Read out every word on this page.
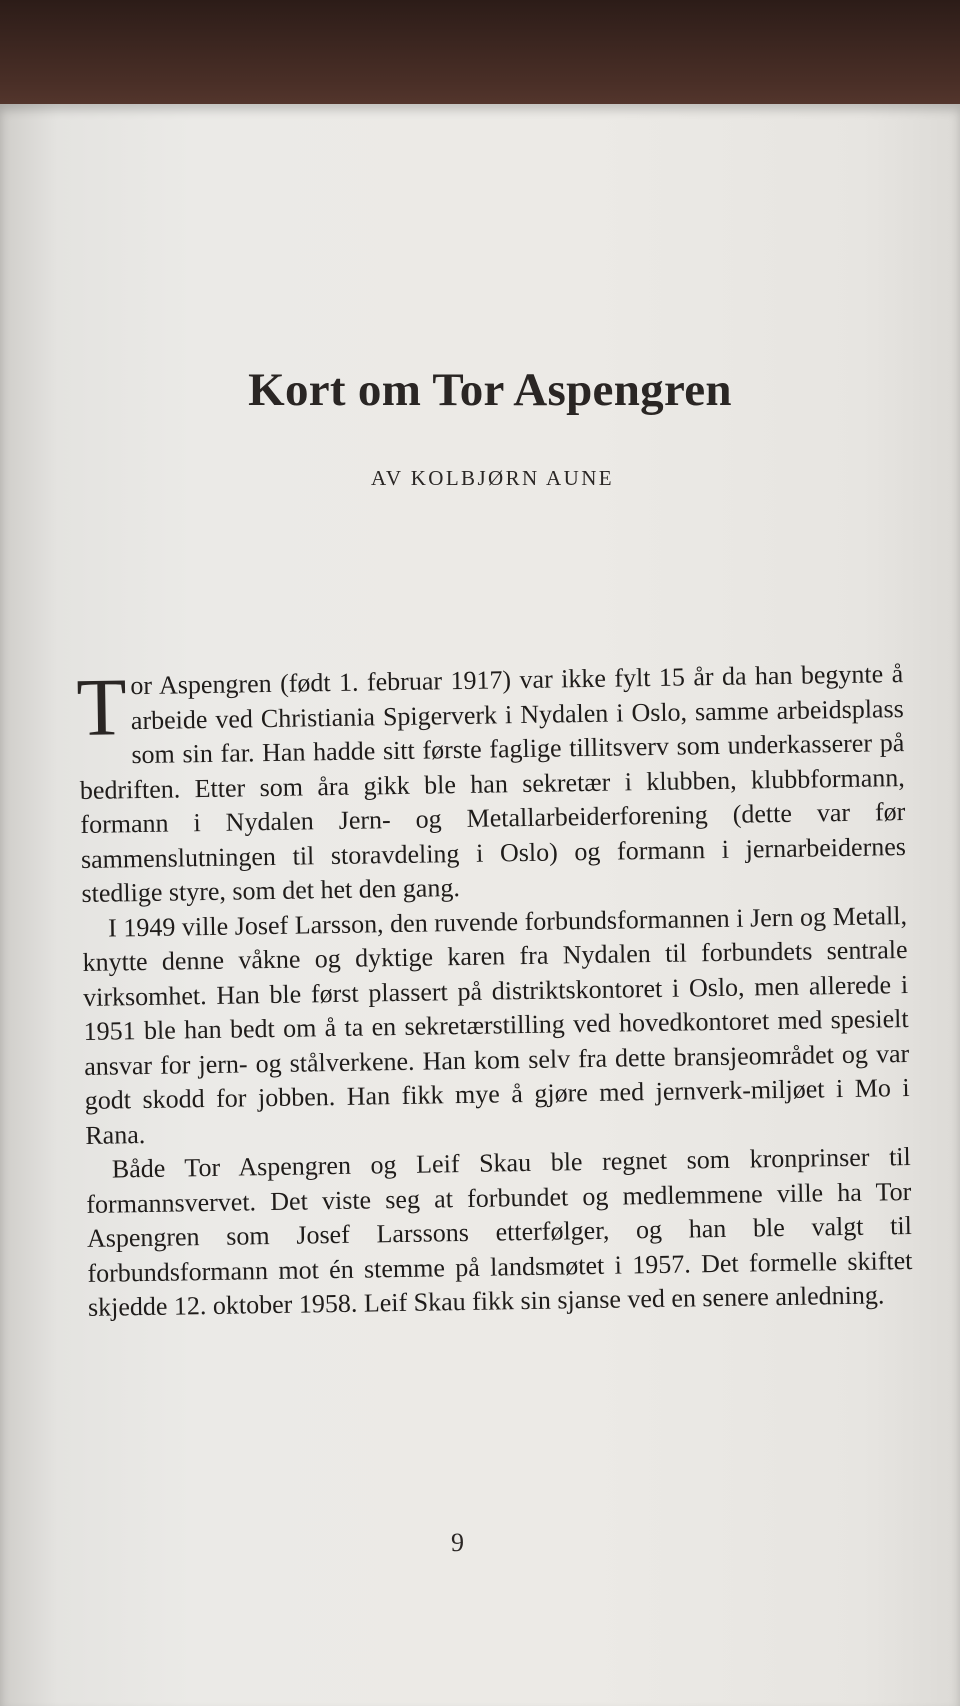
Kort om Tor Aspengren
AV KOLBJØRN AUNE

Tor Aspengren (født 1. februar 1917) var ikke fylt 15 år da han begynte å arbeide ved Christiania Spigerverk i Nydalen i Oslo, samme arbeidsplass som sin far. Han hadde sitt første faglige tillitsverv som underkasserer på bedriften. Etter som åra gikk ble han sekretær i klubben, klubbformann, formann i Nydalen Jern- og Metallarbeiderforening (dette var før sammenslutningen til storavdeling i Oslo) og formann i jernarbeidernes stedlige styre, som det het den gang.

I 1949 ville Josef Larsson, den ruvende forbundsformannen i Jern og Metall, knytte denne våkne og dyktige karen fra Nydalen til forbundets sentrale virksomhet. Han ble først plassert på distriktskontoret i Oslo, men allerede i 1951 ble han bedt om å ta en sekretærstilling ved hovedkontoret med spesielt ansvar for jern- og stålverkene. Han kom selv fra dette bransjeområdet og var godt skodd for jobben. Han fikk mye å gjøre med jernverk-miljøet i Mo i Rana.

Både Tor Aspengren og Leif Skau ble regnet som kronprinser til formannsvervet. Det viste seg at forbundet og medlemmene ville ha Tor Aspengren som Josef Larssons etterfølger, og han ble valgt til forbundsformann mot én stemme på landsmøtet i 1957. Det formelle skiftet skjedde 12. oktober 1958. Leif Skau fikk sin sjanse ved en senere anledning.

9
